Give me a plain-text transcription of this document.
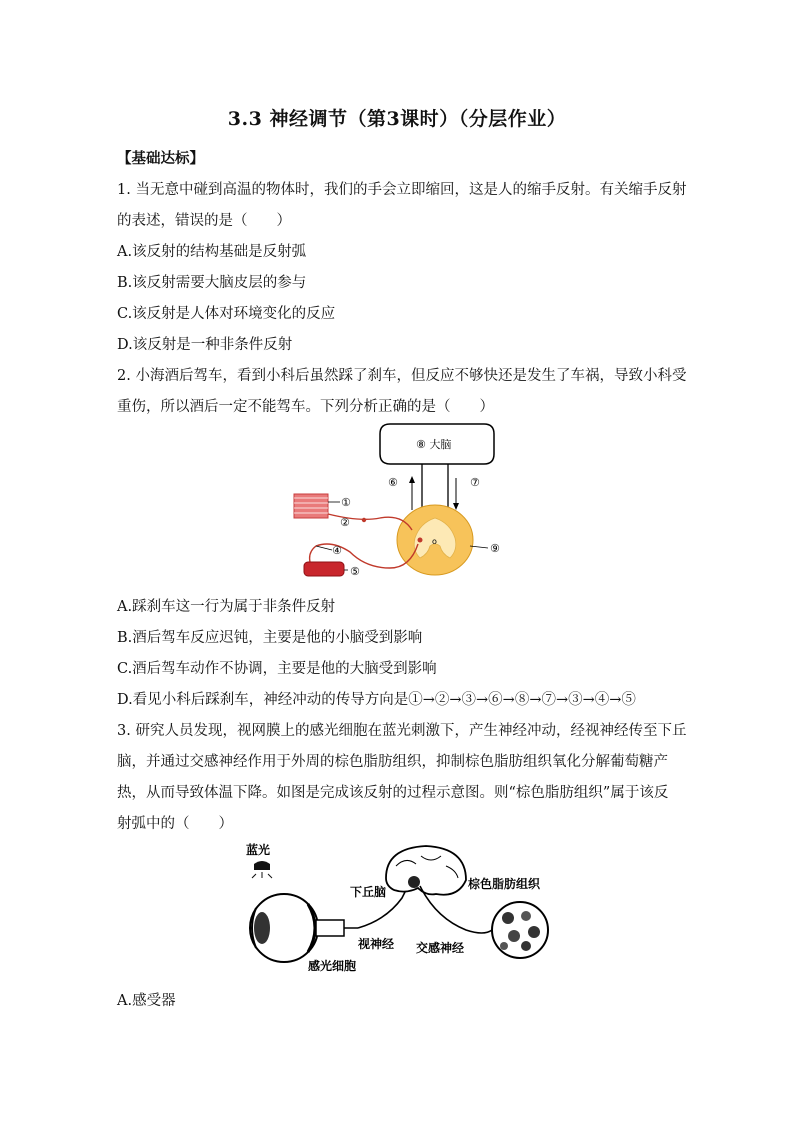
3.3 神经调节（第3课时）（分层作业）
【基础达标】
1. 当无意中碰到高温的物体时，我们的手会立即缩回，这是人的缩手反射。有关缩手反射
的表述，错误的是（　　）
A.该反射的结构基础是反射弧
B.该反射需要大脑皮层的参与
C.该反射是人体对环境变化的反应
D.该反射是一种非条件反射
2. 小海酒后驾车，看到小科后虽然踩了刹车，但反应不够快还是发生了车祸，导致小科受
重伤，所以酒后一定不能驾车。下列分析正确的是（　　）
⑧ 大脑
⑥	⑦
o
⑨
①
②
④
⑤
A.踩刹车这一行为属于非条件反射
B.酒后驾车反应迟钝，主要是他的小脑受到影响
C.酒后驾车动作不协调，主要是他的大脑受到影响
D.看见小科后踩刹车，神经冲动的传导方向是①→②→③→⑥→⑧→⑦→③→④→⑤
3. 研究人员发现，视网膜上的感光细胞在蓝光刺激下，产生神经冲动，经视神经传至下丘
脑，并通过交感神经作用于外周的棕色脂肪组织，抑制棕色脂肪组织氧化分解葡萄糖产
热，从而导致体温下降。如图是完成该反射的过程示意图。则“棕色脂肪组织”属于该反
射弧中的（　　）
蓝光
下丘脑
棕色脂肪组织
视神经 交感神经
感光细胞
A.感受器
